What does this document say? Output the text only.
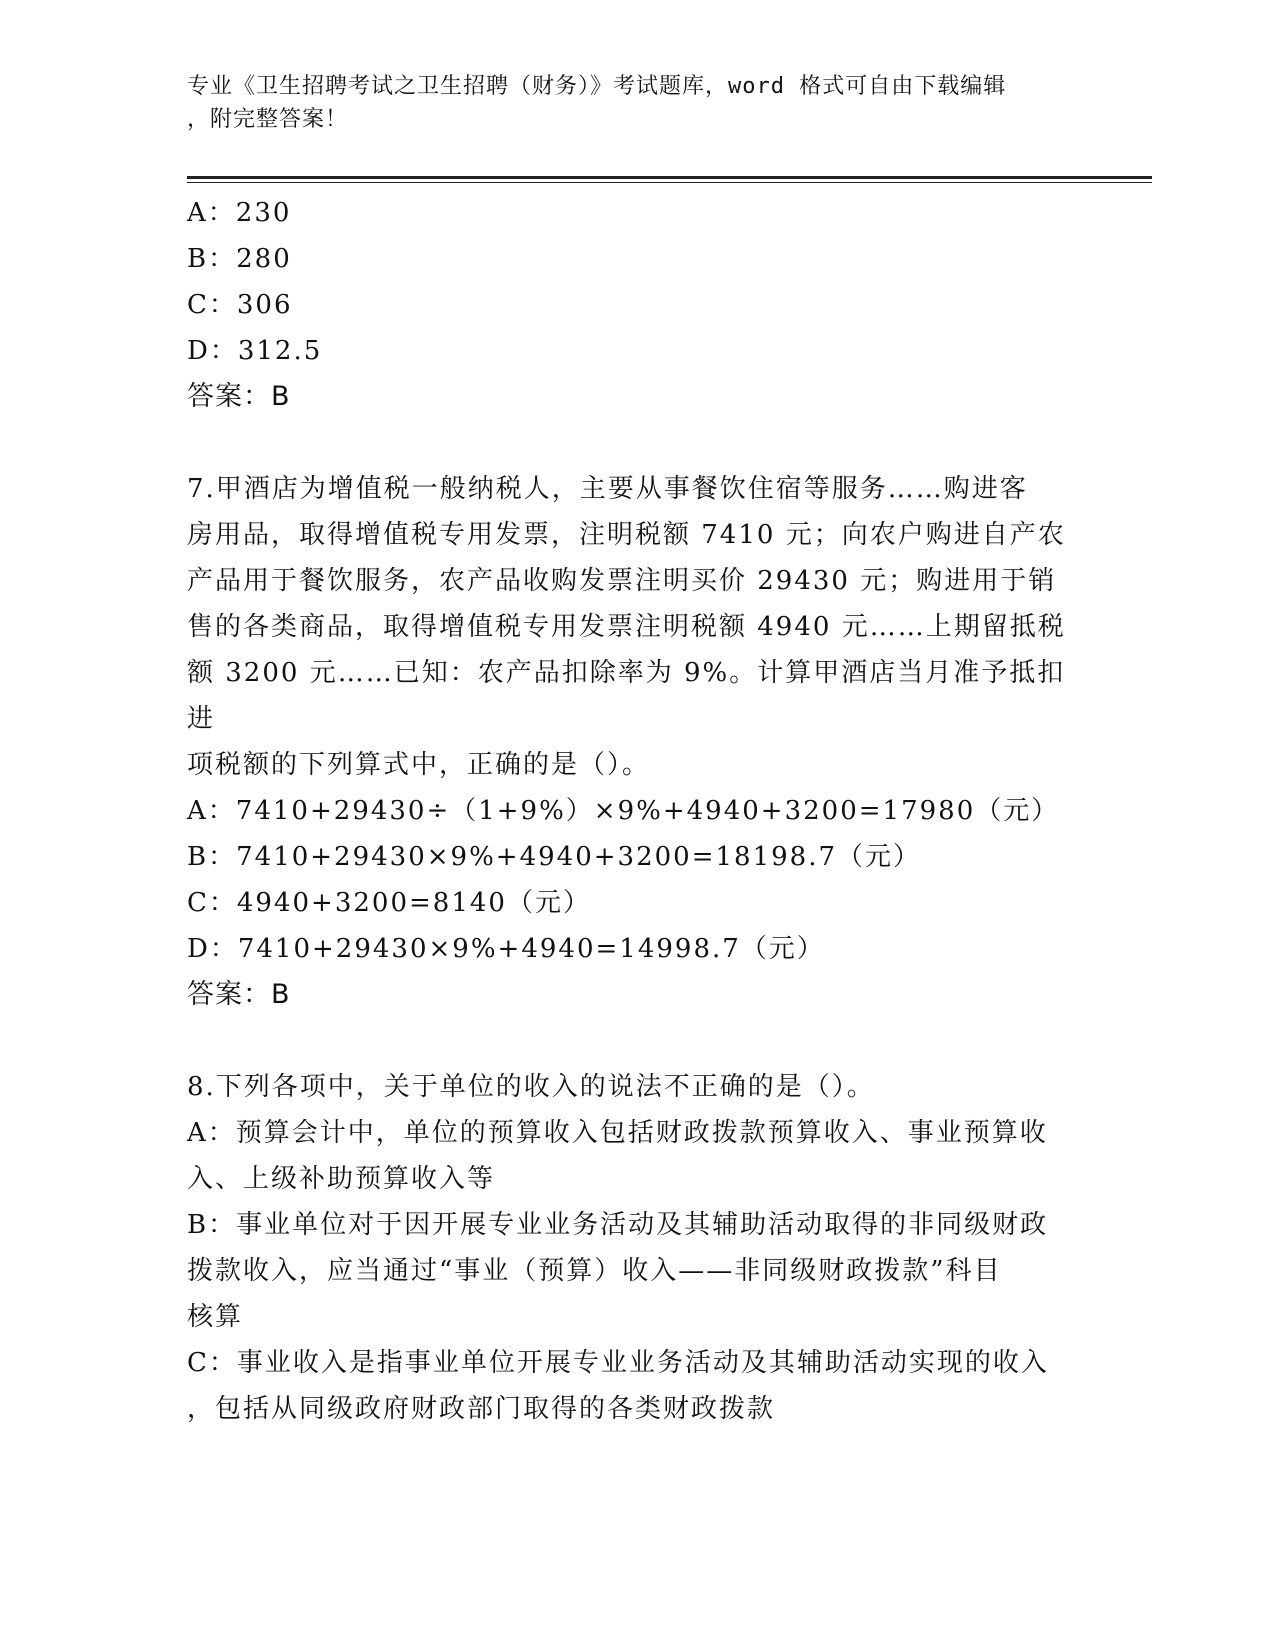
专业《卫生招聘考试之卫生招聘（财务）》考试题库，word 格式可自由下载编辑
，附完整答案！
A：230
B：280
C：306
D：312.5
答案：B
7.甲酒店为增值税一般纳税人，主要从事餐饮住宿等服务……购进客
房用品，取得增值税专用发票，注明税额 7410 元；向农户购进自产农
产品用于餐饮服务，农产品收购发票注明买价 29430 元；购进用于销
售的各类商品，取得增值税专用发票注明税额 4940 元……上期留抵税
额 3200 元……已知：农产品扣除率为 9%。计算甲酒店当月准予抵扣进
项税额的下列算式中，正确的是（）。
A：7410+29430÷（1+9%）×9%+4940+3200=17980（元）
B：7410+29430×9%+4940+3200=18198.7（元）
C：4940+3200=8140（元）
D：7410+29430×9%+4940=14998.7（元）
答案：B
8.下列各项中，关于单位的收入的说法不正确的是（）。
A：预算会计中，单位的预算收入包括财政拨款预算收入、事业预算收
入、上级补助预算收入等
B：事业单位对于因开展专业业务活动及其辅助活动取得的非同级财政
拨款收入，应当通过“事业（预算）收入——非同级财政拨款”科目
核算
C：事业收入是指事业单位开展专业业务活动及其辅助活动实现的收入
，包括从同级政府财政部门取得的各类财政拨款
